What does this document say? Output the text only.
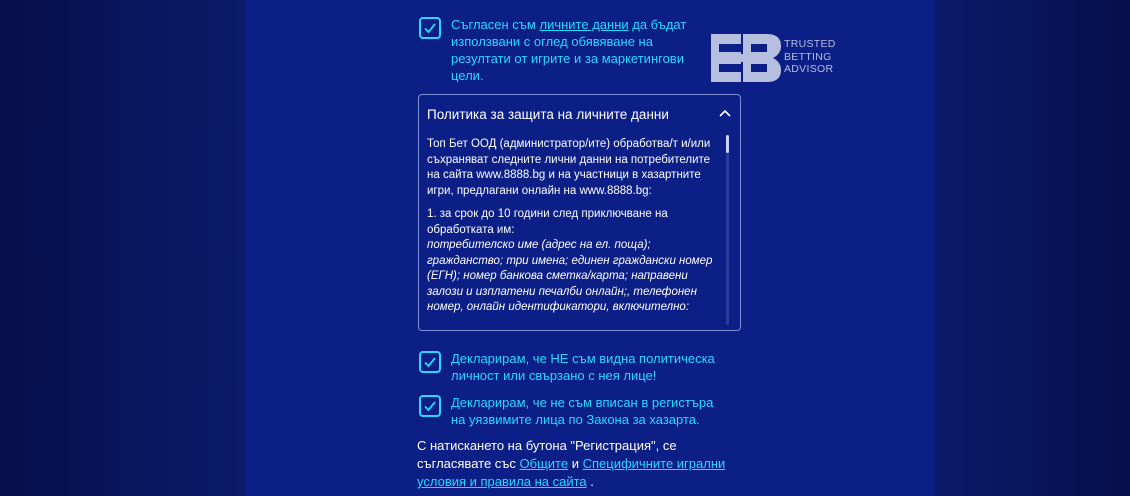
Съгласен съм личните данни да бъдат
използвани с оглед обявяване на
резултати от игрите и за маркетингови
цели.
TRUSTED
BETTING
ADVISOR
Политика за защита на личните данни

Топ Бет ООД (администратор/ите) обработва/т и/или съхраняват следните лични данни на потребителите на сайта www.8888.bg и на участници в хазартните игри, предлагани онлайн на www.8888.bg:

1. за срок до 10 години след приключване на обработката им:
потребителско име (адрес на ел. поща); гражданство; три имена; единен граждански номер (ЕГН); номер банкова сметка/карта; направени залози и изплатени печалби онлайн;, телефонен номер, онлайн идентификатори, включително:

Декларирам, че НЕ съм видна политическа
личност или свързано с нея лице!
Декларирам, че не съм вписан в регистъра
на уязвимите лица по Закона за хазарта.
С натискането на бутона "Регистрация", се
съгласявате със Общите и Специфичните игрални
условия и правила на сайта .
